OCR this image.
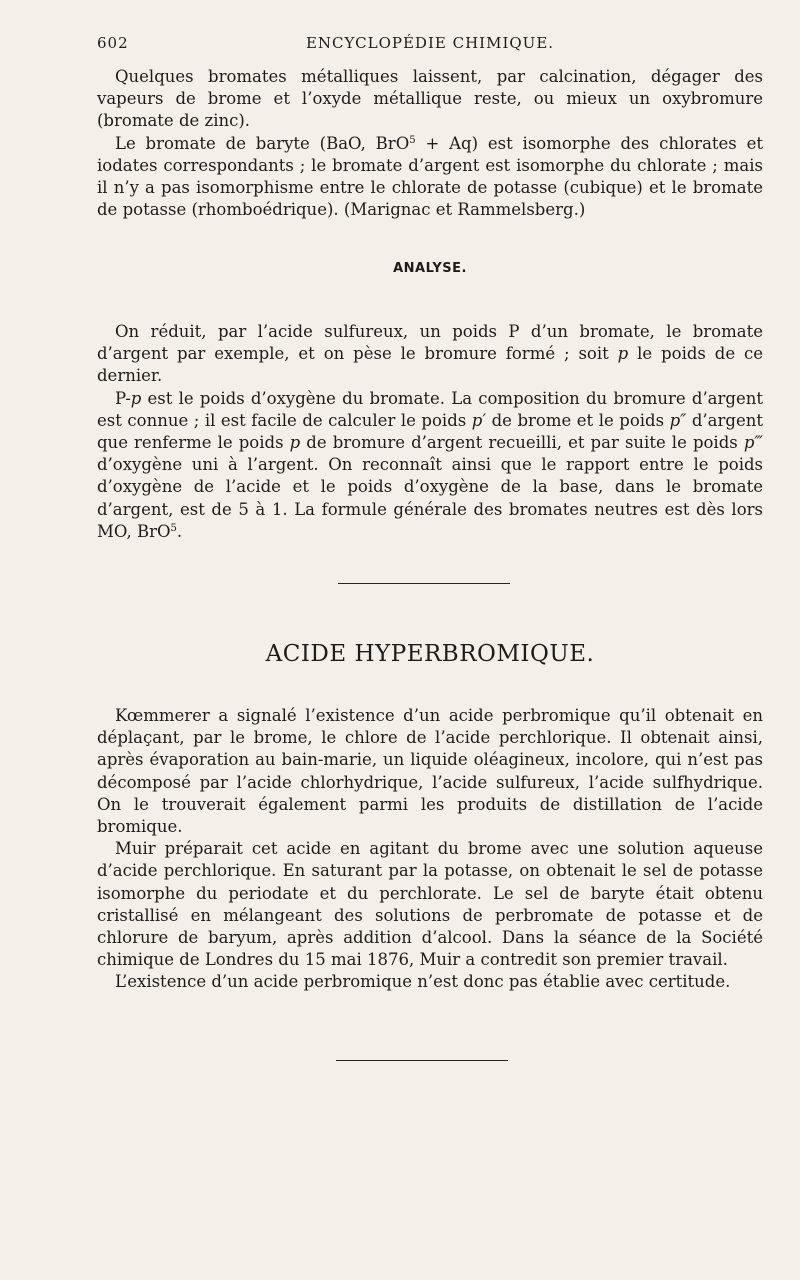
602	ENCYCLOPÉDIE CHIMIQUE.

Quelques bromates métalliques laissent, par calcination, dégager des vapeurs de brome et l’oxyde métallique reste, ou mieux un oxybromure (bromate de zinc).

Le bromate de baryte (BaO, BrO$^5$ + Aq) est isomorphe des chlorates et iodates correspondants ; le bromate d’argent est isomorphe du chlorate ; mais il n’y a pas isomorphisme entre le chlorate de potasse (cubique) et le bromate de potasse (rhomboédrique). (Marignac et Rammelsberg.)

ANALYSE.

On réduit, par l’acide sulfureux, un poids P d’un bromate, le bromate d’argent par exemple, et on pèse le bromure formé ; soit p le poids de ce dernier.

P-p est le poids d’oxygène du bromate. La composition du bromure d’argent est connue ; il est facile de calculer le poids p′ de brome et le poids p″ d’argent que renferme le poids p de bromure d’argent recueilli, et par suite le poids p‴ d’oxygène uni à l’argent. On reconnaît ainsi que le rapport entre le poids d’oxygène de l’acide et le poids d’oxygène de la base, dans le bromate d’argent, est de 5 à 1. La formule générale des bromates neutres est dès lors MO, BrO$^5$.

ACIDE HYPERBROMIQUE.

Kœmmerer a signalé l’existence d’un acide perbromique qu’il obtenait en déplaçant, par le brome, le chlore de l’acide perchlorique. Il obtenait ainsi, après évaporation au bain-marie, un liquide oléagineux, incolore, qui n’est pas décomposé par l’acide chlorhydrique, l’acide sulfureux, l’acide sulfhydrique. On le trouverait également parmi les produits de distillation de l’acide bromique.

Muir préparait cet acide en agitant du brome avec une solution aqueuse d’acide perchlorique. En saturant par la potasse, on obtenait le sel de potasse isomorphe du periodate et du perchlorate. Le sel de baryte était obtenu cristallisé en mélangeant des solutions de perbromate de potasse et de chlorure de baryum, après addition d’alcool. Dans la séance de la Société chimique de Londres du 15 mai 1876, Muir a contredit son premier travail.

L’existence d’un acide perbromique n’est donc pas établie avec certitude.
